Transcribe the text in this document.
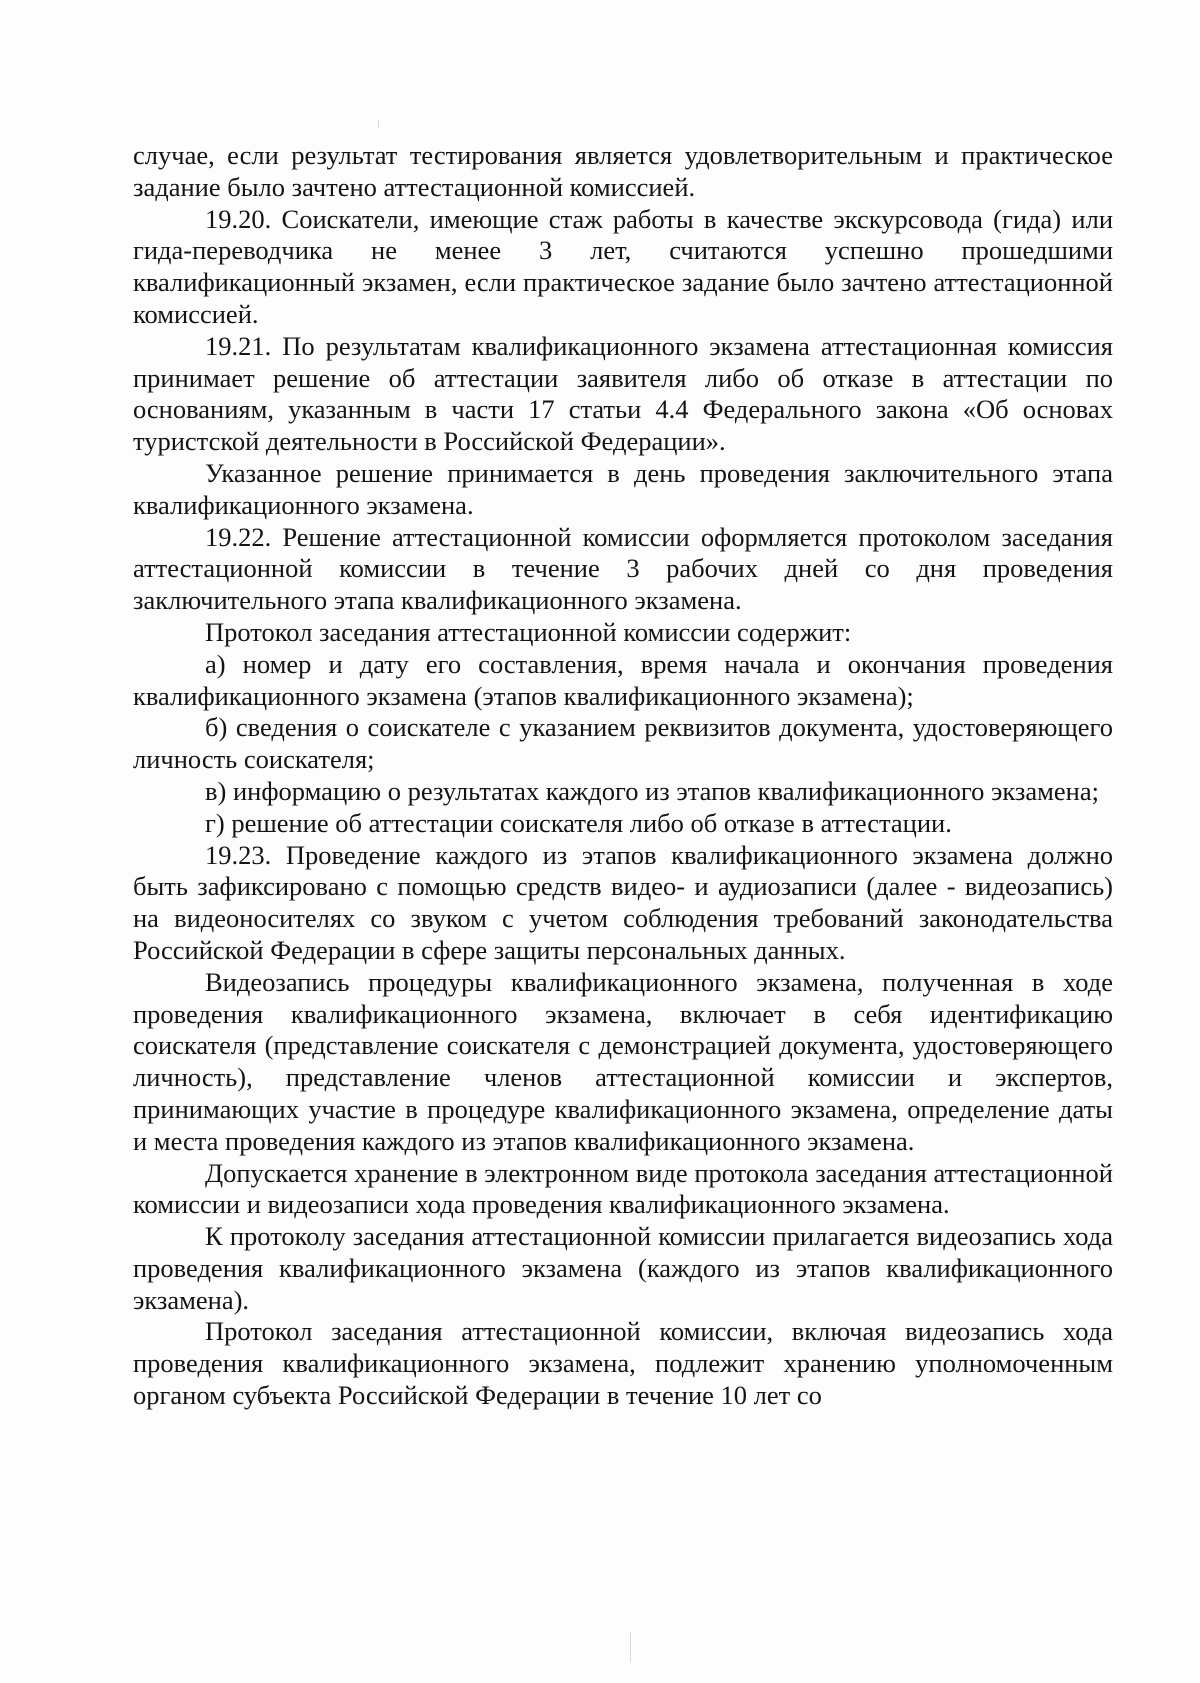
случае, если результат тестирования является удовлетворительным и практическое задание было зачтено аттестационной комиссией.

19.20. Соискатели, имеющие стаж работы в качестве экскурсовода (гида) или гида-переводчика не менее 3 лет, считаются успешно прошедшими квалификационный экзамен, если практическое задание было зачтено аттестационной комиссией.

19.21. По результатам квалификационного экзамена аттестационная комиссия принимает решение об аттестации заявителя либо об отказе в аттестации по основаниям, указанным в части 17 статьи 4.4 Федерального закона «Об основах туристской деятельности в Российской Федерации».

Указанное решение принимается в день проведения заключительного этапа квалификационного экзамена.

19.22. Решение аттестационной комиссии оформляется протоколом заседания аттестационной комиссии в течение 3 рабочих дней со дня проведения заключительного этапа квалификационного экзамена.

Протокол заседания аттестационной комиссии содержит:

а) номер и дату его составления, время начала и окончания проведения квалификационного экзамена (этапов квалификационного экзамена);

б) сведения о соискателе с указанием реквизитов документа, удостоверяющего личность соискателя;

в) информацию о результатах каждого из этапов квалификационного экзамена;

г) решение об аттестации соискателя либо об отказе в аттестации.

19.23. Проведение каждого из этапов квалификационного экзамена должно быть зафиксировано с помощью средств видео- и аудиозаписи (далее - видеозапись) на видеоносителях со звуком с учетом соблюдения требований законодательства Российской Федерации в сфере защиты персональных данных.

Видеозапись процедуры квалификационного экзамена, полученная в ходе проведения квалификационного экзамена, включает в себя идентификацию соискателя (представление соискателя с демонстрацией документа, удостоверяющего личность), представление членов аттестационной комиссии и экспертов, принимающих участие в процедуре квалификационного экзамена, определение даты и места проведения каждого из этапов квалификационного экзамена.

Допускается хранение в электронном виде протокола заседания аттестационной комиссии и видеозаписи хода проведения квалификационного экзамена.

К протоколу заседания аттестационной комиссии прилагается видеозапись хода проведения квалификационного экзамена (каждого из этапов квалификационного экзамена).

Протокол заседания аттестационной комиссии, включая видеозапись хода проведения квалификационного экзамена, подлежит хранению уполномоченным органом субъекта Российской Федерации в течение 10 лет со
